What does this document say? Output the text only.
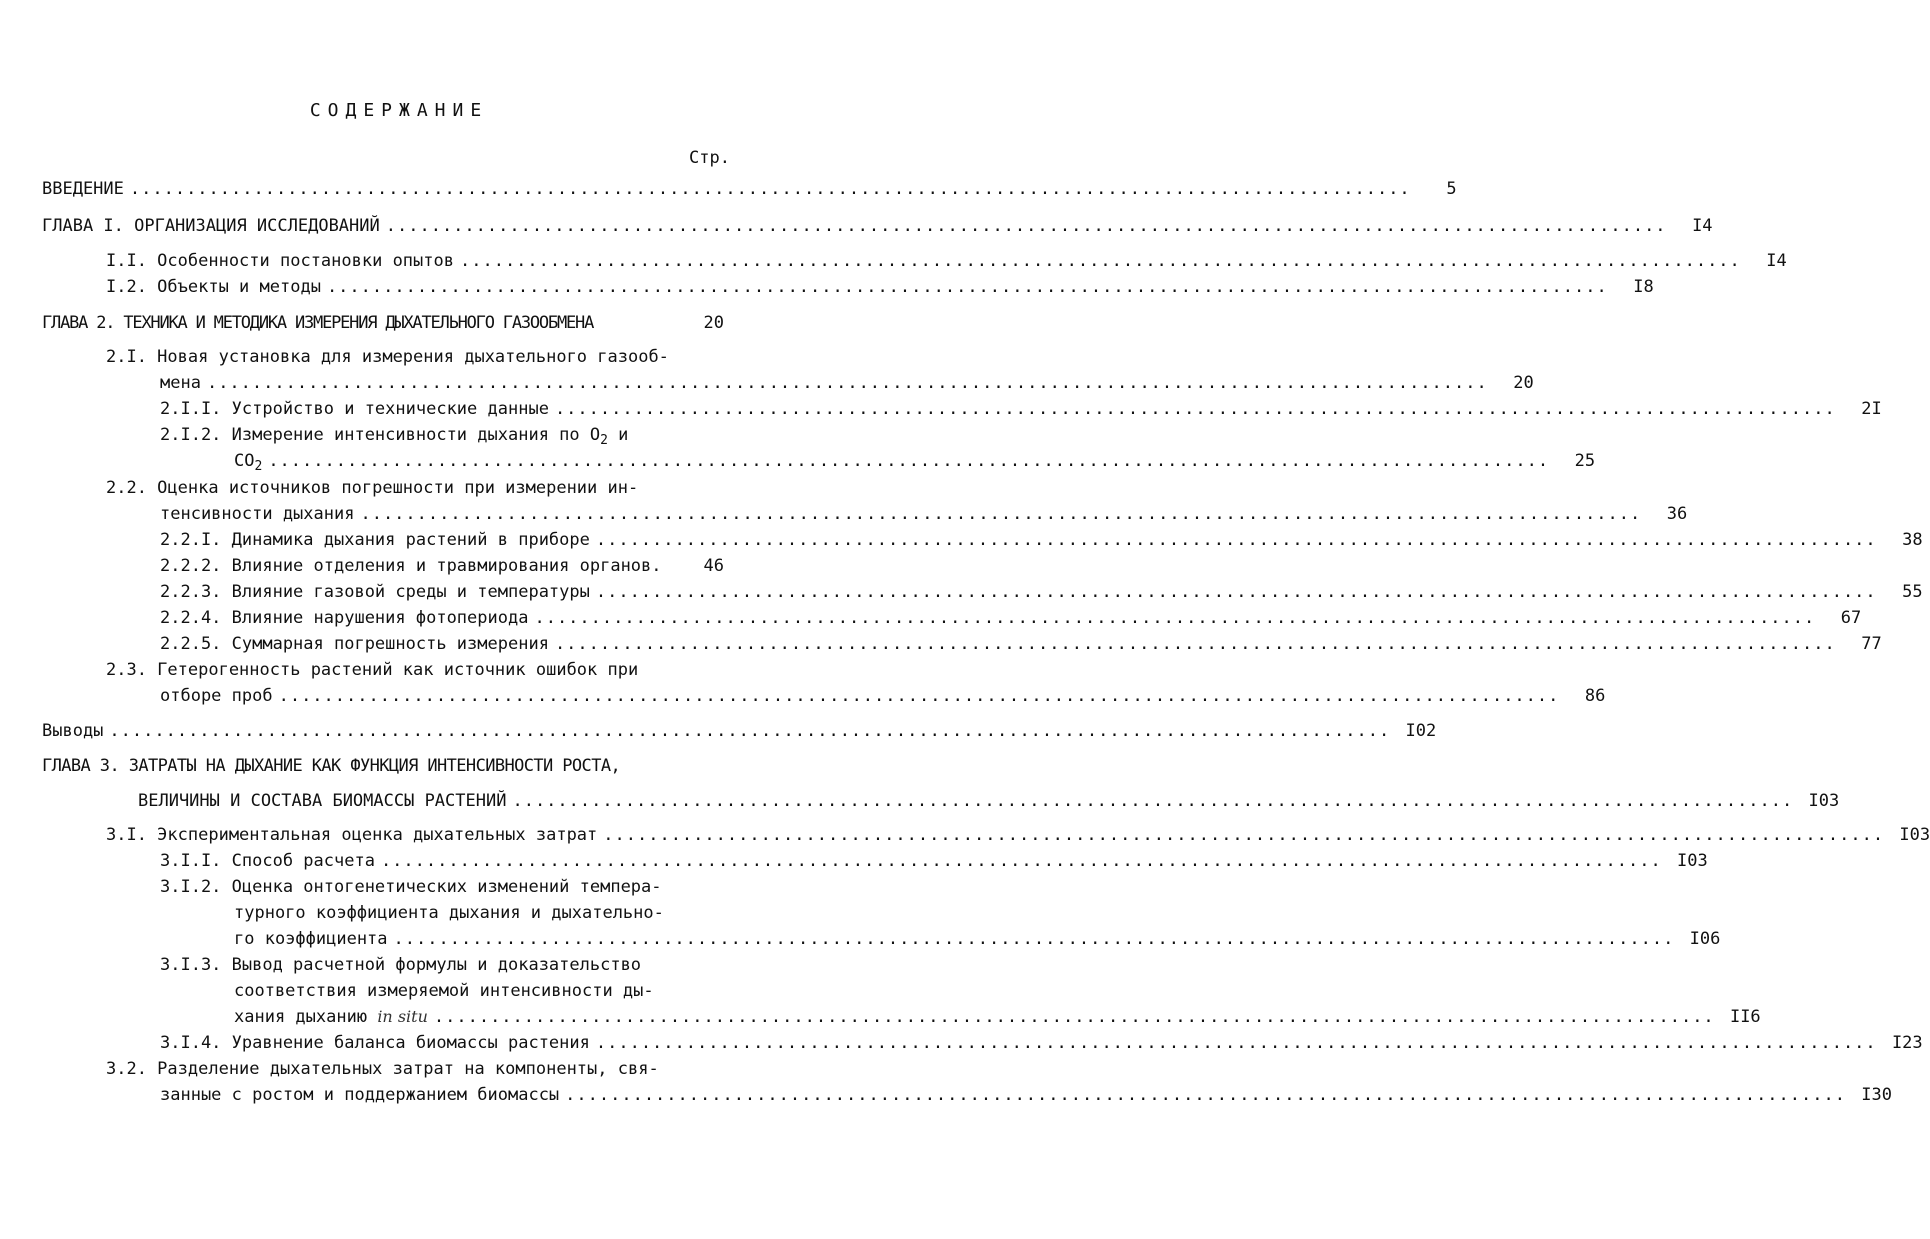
СОДЕРЖАНИЕ
Стр.
ВВЕДЕНИЕ ..................................................................................................................	5
ГЛАВА I. ОРГАНИЗАЦИЯ ИССЛЕДОВАНИЙ ..................................................................................................................	I4
I.I. Особенности постановки опытов ..................................................................................................................	I4
I.2. Объекты и методы ..................................................................................................................	I8
ГЛАВА 2. ТЕХНИКА И МЕТОДИКА ИЗМЕРЕНИЯ ДЫХАТЕЛЬНОГО ГАЗООБМЕНА	20
2.I. Новая установка для измерения дыхательного газооб-
мена ..................................................................................................................	20
2.I.I. Устройство и технические данные ..................................................................................................................	2I
2.I.2. Измерение интенсивности дыхания по $O_2$ и
$CO_2$ ..................................................................................................................	25
2.2. Оценка источников погрешности при измерении ин-
тенсивности дыхания ..................................................................................................................	36
2.2.I. Динамика дыхания растений в приборе ..................................................................................................................	38
2.2.2. Влияние отделения и травмирования органов.	46
2.2.3. Влияние газовой среды и температуры ..................................................................................................................	55
2.2.4. Влияние нарушения фотопериода ..................................................................................................................	67
2.2.5. Суммарная погрешность измерения ..................................................................................................................	77
2.3. Гетерогенность растений как источник ошибок при
отборе проб ..................................................................................................................	86
Выводы .................................................................................................................. I02
ГЛАВА 3. ЗАТРАТЫ НА ДЫХАНИЕ КАК ФУНКЦИЯ ИНТЕНСИВНОСТИ РОСТА,
ВЕЛИЧИНЫ И СОСТАВА БИОМАССЫ РАСТЕНИЙ .................................................................................................................. I03
3.I. Экспериментальная оценка дыхательных затрат .................................................................................................................. I03
3.I.I. Способ расчета .................................................................................................................. I03
3.I.2. Оценка онтогенетических изменений темпера-
турного коэффициента дыхания и дыхательно-
го коэффициента .................................................................................................................. I06
3.I.3. Вывод расчетной формулы и доказательство
соответствия измеряемой интенсивности ды-
хания дыханию in situ .................................................................................................................. II6
3.I.4. Уравнение баланса биомассы растения .................................................................................................................. I23
3.2. Разделение дыхательных затрат на компоненты, свя-
занные с ростом и поддержанием биомассы .................................................................................................................. I30
